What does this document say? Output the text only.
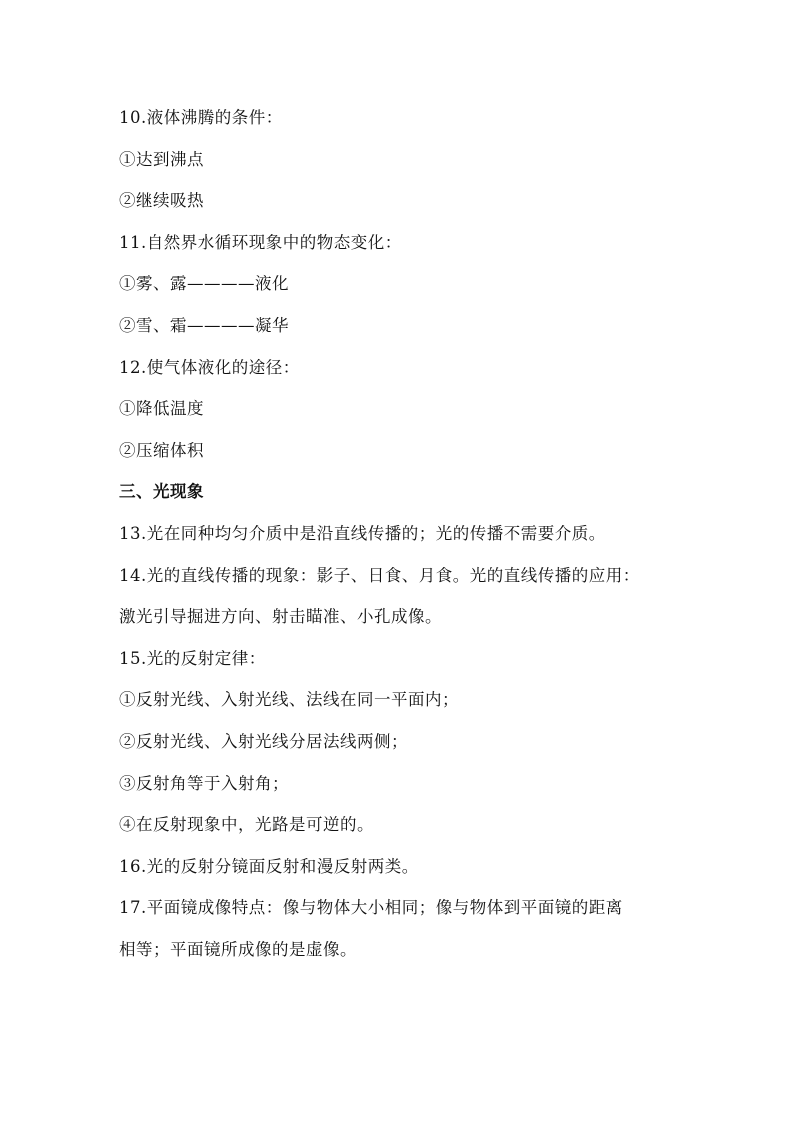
10.液体沸腾的条件：
①达到沸点
②继续吸热
11.自然界水循环现象中的物态变化：
①雾、露————液化
②雪、霜————凝华
12.使气体液化的途径：
①降低温度
②压缩体积
三、光现象
13.光在同种均匀介质中是沿直线传播的；光的传播不需要介质。
14.光的直线传播的现象：影子、日食、月食。光的直线传播的应用：
激光引导掘进方向、射击瞄准、小孔成像。
15.光的反射定律：
①反射光线、入射光线、法线在同一平面内；
②反射光线、入射光线分居法线两侧；
③反射角等于入射角；
④在反射现象中，光路是可逆的。
16.光的反射分镜面反射和漫反射两类。
17.平面镜成像特点：像与物体大小相同；像与物体到平面镜的距离
相等；平面镜所成像的是虚像。
